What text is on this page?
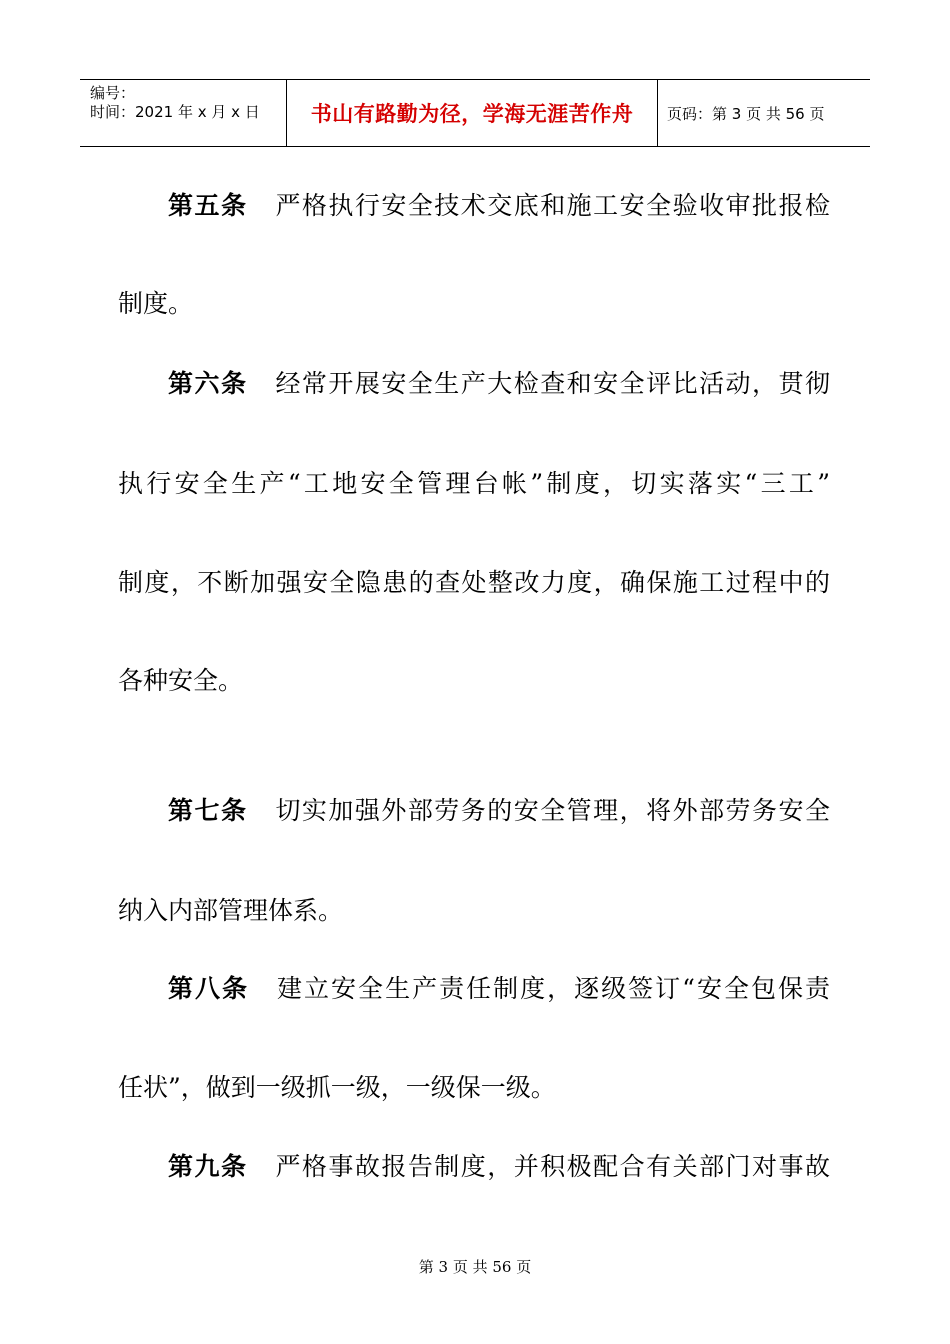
编号：
时间：2021 年 x 月 x 日	书山有路勤为径，学海无涯苦作舟	页码：第 3 页 共 56 页
第五条 严格执行安全技术交底和施工安全验收审批报检
制度。
第六条 经常开展安全生产大检查和安全评比活动，贯彻
执行安全生产“工地安全管理台帐”制度，切实落实“三工”
制度，不断加强安全隐患的查处整改力度，确保施工过程中的
各种安全。
第七条 切实加强外部劳务的安全管理，将外部劳务安全
纳入内部管理体系。
第八条 建立安全生产责任制度，逐级签订“安全包保责
任状”，做到一级抓一级，一级保一级。
第九条 严格事故报告制度，并积极配合有关部门对事故
第 3 页 共 56 页
